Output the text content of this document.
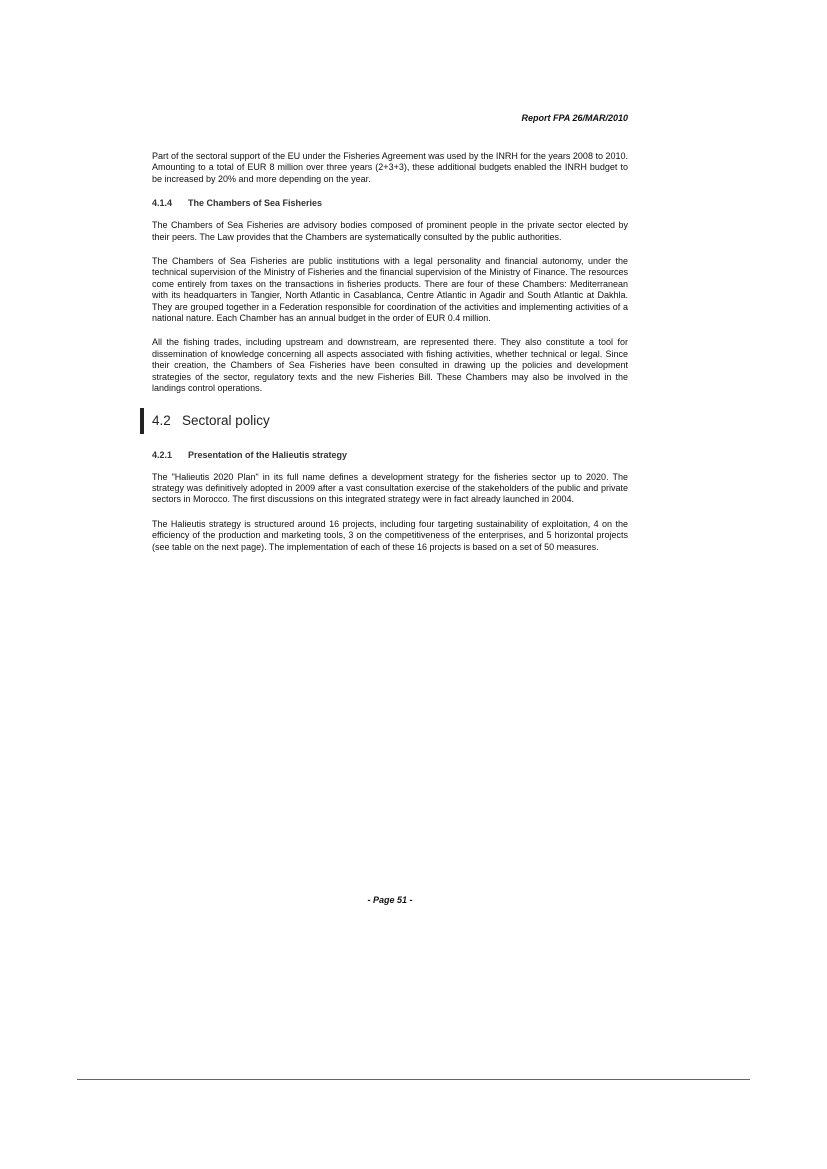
Report FPA 26/MAR/2010

Part of the sectoral support of the EU under the Fisheries Agreement was used by the INRH for the years 2008 to 2010. Amounting to a total of EUR 8 million over three years (2+3+3), these additional budgets enabled the INRH budget to be increased by 20% and more depending on the year.

4.1.4	The Chambers of Sea Fisheries

The Chambers of Sea Fisheries are advisory bodies composed of prominent people in the private sector elected by their peers. The Law provides that the Chambers are systematically consulted by the public authorities.

The Chambers of Sea Fisheries are public institutions with a legal personality and financial autonomy, under the technical supervision of the Ministry of Fisheries and the financial supervision of the Ministry of Finance. The resources come entirely from taxes on the transactions in fisheries products. There are four of these Chambers: Mediterranean with its headquarters in Tangier, North Atlantic in Casablanca, Centre Atlantic in Agadir and South Atlantic at Dakhla. They are grouped together in a Federation responsible for coordination of the activities and implementing activities of a national nature. Each Chamber has an annual budget in the order of EUR 0.4 million.

All the fishing trades, including upstream and downstream, are represented there. They also constitute a tool for dissemination of knowledge concerning all aspects associated with fishing activities, whether technical or legal. Since their creation, the Chambers of Sea Fisheries have been consulted in drawing up the policies and development strategies of the sector, regulatory texts and the new Fisheries Bill. These Chambers may also be involved in the landings control operations.

4.2 Sectoral policy
4.2.1	Presentation of the Halieutis strategy

The "Halieutis 2020 Plan" in its full name defines a development strategy for the fisheries sector up to 2020. The strategy was definitively adopted in 2009 after a vast consultation exercise of the stakeholders of the public and private sectors in Morocco. The first discussions on this integrated strategy were in fact already launched in 2004.

The Halieutis strategy is structured around 16 projects, including four targeting sustainability of exploitation, 4 on the efficiency of the production and marketing tools, 3 on the competitiveness of the enterprises, and 5 horizontal projects (see table on the next page). The implementation of each of these 16 projects is based on a set of 50 measures.

- Page 51 -
